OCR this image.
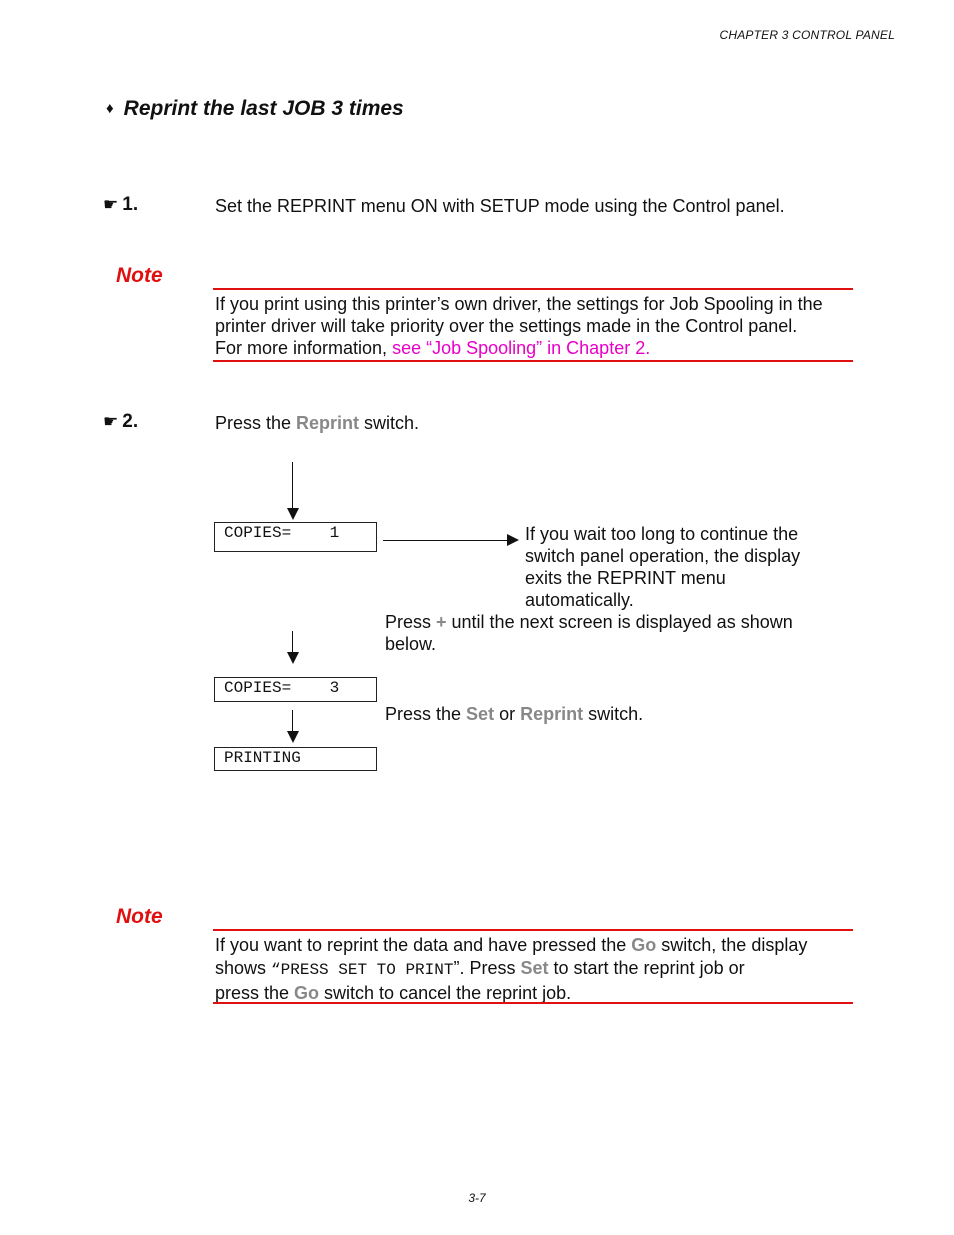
CHAPTER 3 CONTROL PANEL
♦ Reprint the last JOB 3 times
☛ 1.	Set the REPRINT menu ON with SETUP mode using the Control panel.
Note
If you print using this printer’s own driver, the settings for Job Spooling in the
printer driver will take priority over the settings made in the Control panel.
For more information, see “Job Spooling” in Chapter 2.
☛ 2.	Press the Reprint switch.
COPIES=    1	If you wait too long to continue the
switch panel operation, the display
exits the REPRINT menu
automatically.
Press + until the next screen is displayed as shown
below.
COPIES=    3
Press the Set or Reprint switch.
PRINTING
Note
If you want to reprint the data and have pressed the Go switch, the display
shows “PRESS SET TO PRINT”. Press Set to start the reprint job or
press the Go switch to cancel the reprint job.
3-7
